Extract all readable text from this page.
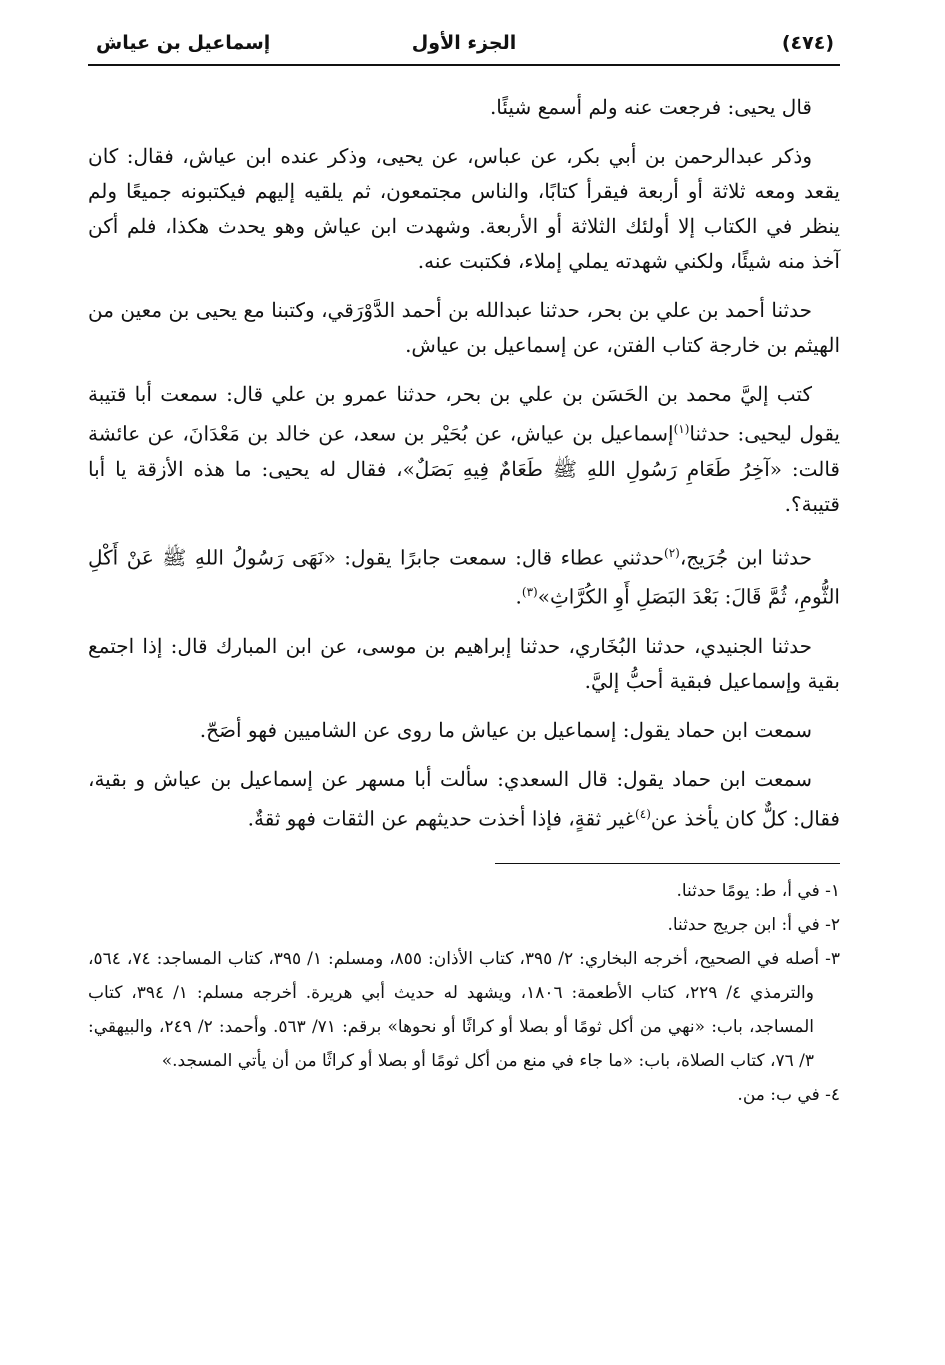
(٤٧٤)
الجزء الأول
إسماعيل بن عياش

قال يحيى: فرجعت عنه ولم أسمع شيئًا.

وذكر عبدالرحمن بن أبي بكر، عن عباس، عن يحيى، وذكر عنده ابن عياش، فقال: كان يقعد ومعه ثلاثة أو أربعة فيقرأ كتابًا، والناس مجتمعون، ثم يلقيه إليهم فيكتبونه جميعًا ولم ينظر في الكتاب إلا أولئك الثلاثة أو الأربعة. وشهدت ابن عياش وهو يحدث هكذا، فلم أكن آخذ منه شيئًا، ولكني شهدته يملي إملاء، فكتبت عنه.

حدثنا أحمد بن علي بن بحر، حدثنا عبدالله بن أحمد الدَّوْرَقي، وكتبنا مع يحيى بن معين من الهيثم بن خارجة كتاب الفتن، عن إسماعيل بن عياش.

كتب إليَّ محمد بن الحَسَن بن علي بن بحر، حدثنا عمرو بن علي قال: سمعت أبا قتيبة يقول ليحيى: حدثنا$^{(١)}$إسماعيل بن عياش، عن بُحَيْر بن سعد، عن خالد بن مَعْدَانَ، عن عائشة قالت: «آخِرُ طَعَامِ رَسُولِ اللهِ ﷺ طَعَامٌ فِيهِ بَصَلٌ»، فقال له يحيى: ما هذه الأزقة يا أبا قتيبة؟.

حدثنا ابن جُرَيج،$^{(٢)}$حدثني عطاء قال: سمعت جابرًا يقول: «نَهَى رَسُولُ اللهِ ﷺ عَنْ أَكْلِ الثُّومِ، ثُمَّ قَالَ: بَعْدَ البَصَلِ أَوِ الكُرَّاثِ»$^{(٣)}$.

حدثنا الجنيدي، حدثنا البُخَاري، حدثنا إبراهيم بن موسى، عن ابن المبارك قال: إذا اجتمع بقية وإسماعيل فبقية أحبُّ إليَّ.

سمعت ابن حماد يقول: إسماعيل بن عياش ما روى عن الشاميين فهو أصَحّ.

سمعت ابن حماد يقول: قال السعدي: سألت أبا مسهر عن إسماعيل بن عياش و بقية، فقال: كلٌّ كان يأخذ عن$^{(٤)}$غير ثقةٍ، فإذا أخذت حديثهم عن الثقات فهو ثقةٌ.

١- في أ، ط: يومًا حدثنا.

٢- في أ: ابن جريج حدثنا.

٣- أصله في الصحيح، أخرجه البخاري: ٢/ ٣٩٥، كتاب الأذان: ٨٥٥، ومسلم: ١/ ٣٩٥، كتاب المساجد: ٧٤، ٥٦٤، والترمذي ٤/ ٢٢٩، كتاب الأطعمة: ١٨٠٦، ويشهد له حديث أبي هريرة. أخرجه مسلم: ١/ ٣٩٤، كتاب المساجد، باب: «نهي من أكل ثومًا أو بصلا أو كراثًا أو نحوها» برقم: ٧١/ ٥٦٣. وأحمد: ٢/ ٢٤٩، والبيهقي: ٣/ ٧٦، كتاب الصلاة، باب: «ما جاء في منع من أكل ثومًا أو بصلا أو كراثًا من أن يأتي المسجد.»

٤- في ب: من.
